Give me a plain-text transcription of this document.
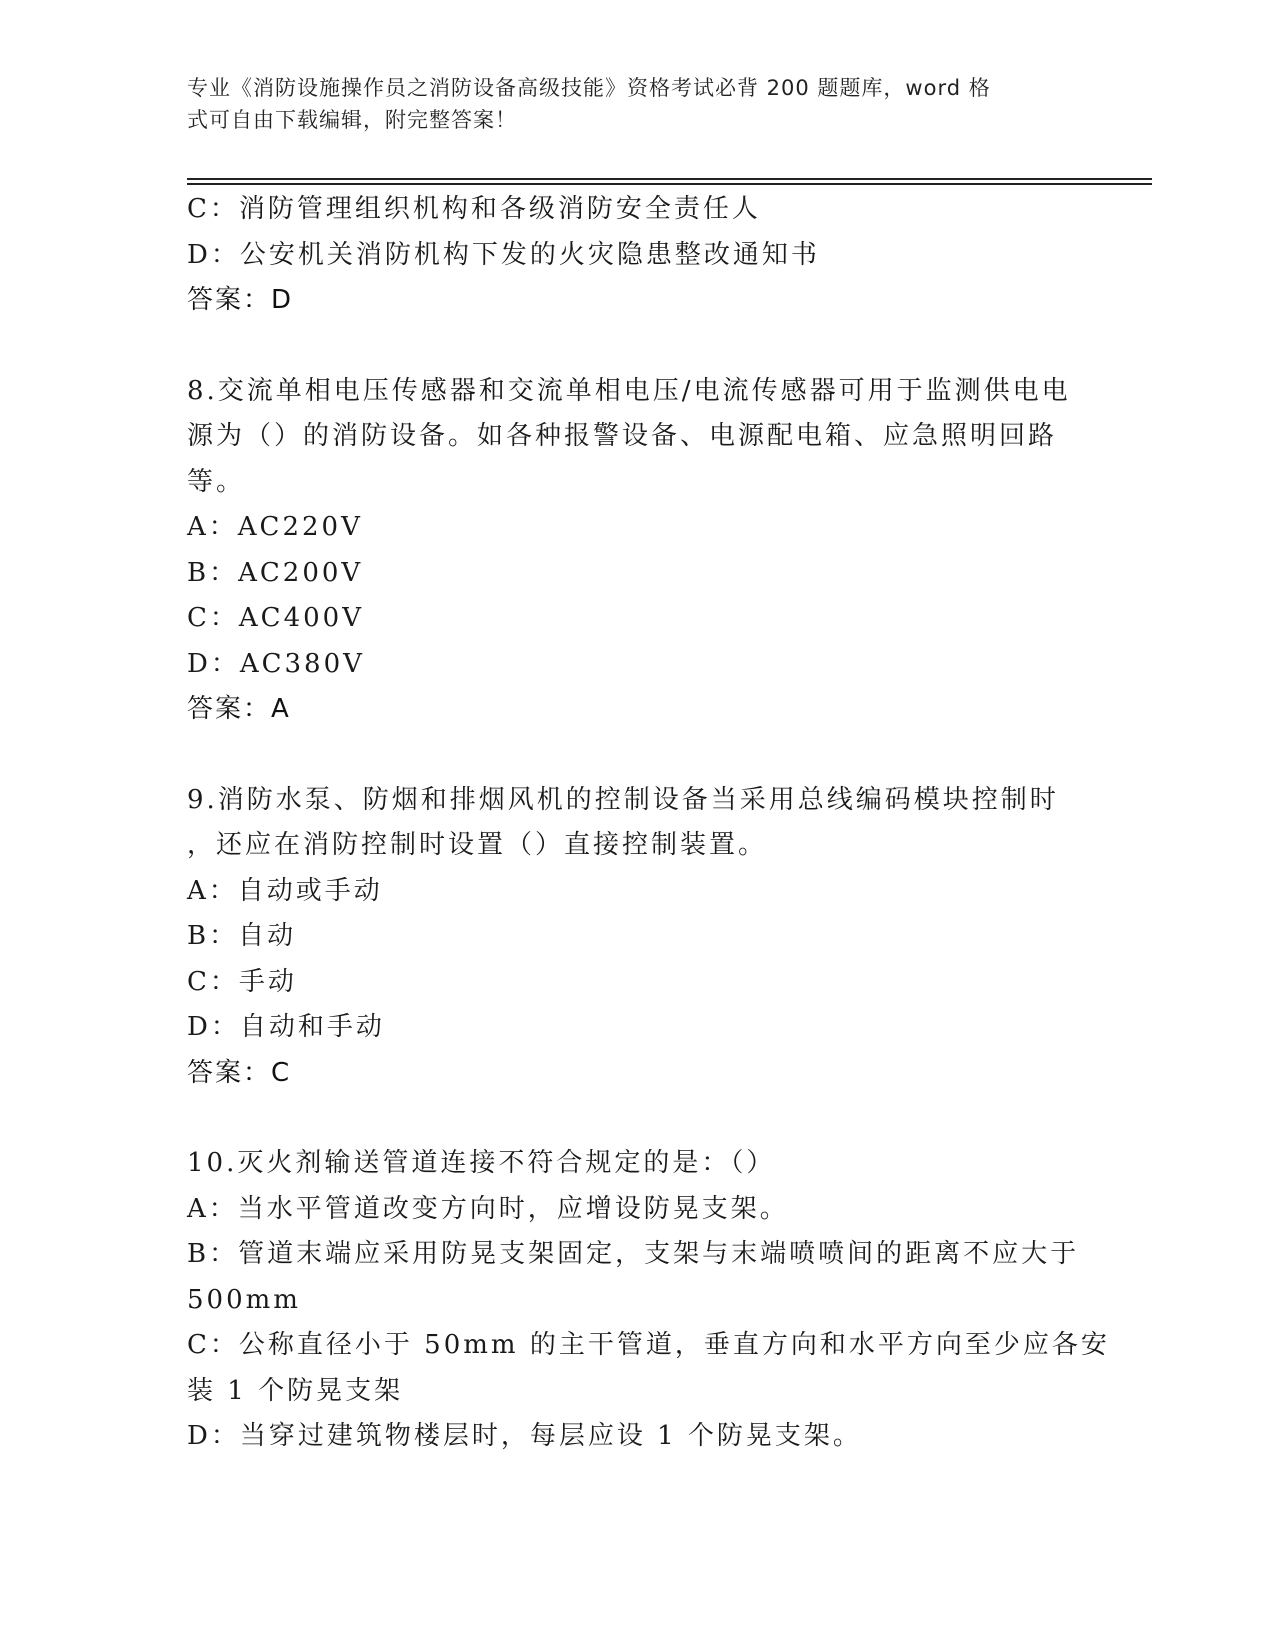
专业《消防设施操作员之消防设备高级技能》资格考试必背 200 题题库，word 格
式可自由下载编辑，附完整答案！
C：消防管理组织机构和各级消防安全责任人
D：公安机关消防机构下发的火灾隐患整改通知书
答案：D
8.交流单相电压传感器和交流单相电压/电流传感器可用于监测供电电
源为（）的消防设备。如各种报警设备、电源配电箱、应急照明回路
等。
A：AC220V
B：AC200V
C：AC400V
D：AC380V
答案：A
9.消防水泵、防烟和排烟风机的控制设备当采用总线编码模块控制时
，还应在消防控制时设置（）直接控制装置。
A：自动或手动
B：自动
C：手动
D：自动和手动
答案：C
10.灭火剂输送管道连接不符合规定的是：（）
A：当水平管道改变方向时，应增设防晃支架。
B：管道末端应采用防晃支架固定，支架与末端喷喷间的距离不应大于
500mm
C：公称直径小于 50mm 的主干管道，垂直方向和水平方向至少应各安
装 1 个防晃支架
D：当穿过建筑物楼层时，每层应设 1 个防晃支架。
